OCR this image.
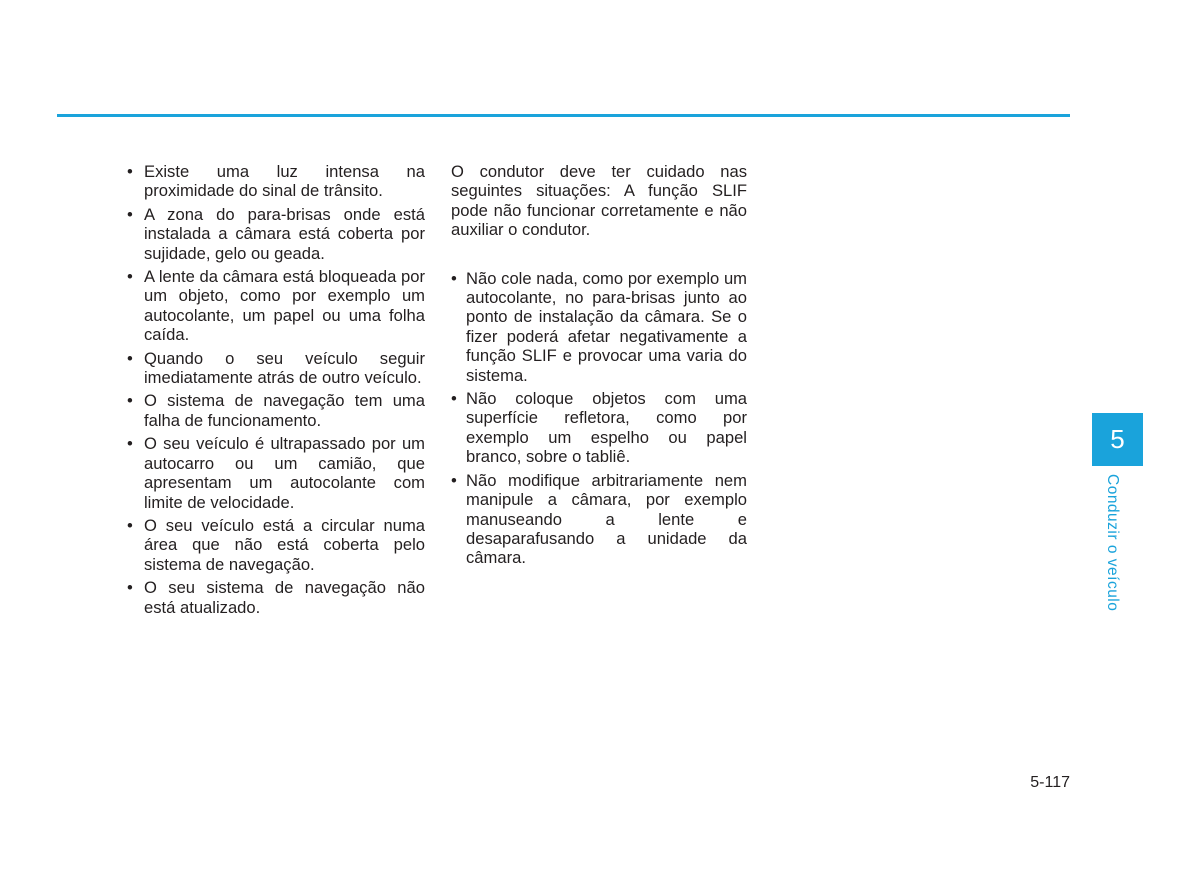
• Existe uma luz intensa na proximidade do sinal de trânsito.
• A zona do para-brisas onde está instalada a câmara está coberta por sujidade, gelo ou geada.
• A lente da câmara está bloqueada por um objeto, como por exemplo um autocolante, um papel ou uma folha caída.
• Quando o seu veículo seguir imediatamente atrás de outro veículo.
• O sistema de navegação tem uma falha de funcionamento.
• O seu veículo é ultrapassado por um autocarro ou um camião, que apresentam um autocolante com limite de velocidade.
• O seu veículo está a circular numa área que não está coberta pelo sistema de navegação.
• O seu sistema de navegação não está atualizado.

O condutor deve ter cuidado nas seguintes situações: A função SLIF pode não funcionar corretamente e não auxiliar o condutor.

• Não cole nada, como por exemplo um autocolante, no para-brisas junto ao ponto de instalação da câmara. Se o fizer poderá afetar negativamente a função SLIF e provocar uma varia do sistema.
• Não coloque objetos com uma superfície refletora, como por exemplo um espelho ou papel branco, sobre o tabliê.
• Não modifique arbitrariamente nem manipule a câmara, por exemplo manuseando a lente e desaparafusando a unidade da câmara.
5
Conduzir o veículo
5-117
